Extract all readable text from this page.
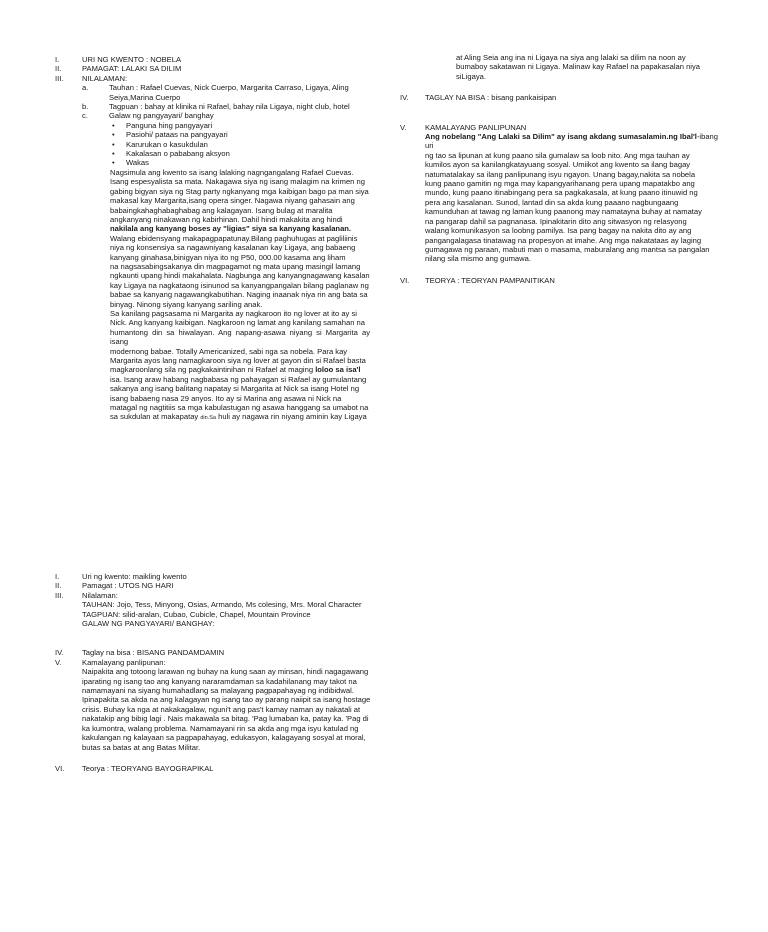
I.	URI NG KWENTO : NOBELA
II.	PAMAGAT: LALAKI SA DILIM
III.	NILALAMAN:
a.	Tauhan : Rafael Cuevas, Nick Cuerpo, Margarita Carraso, Ligaya, Aling
Seiya,Marina Cuerpo
b.	Tagpuan : bahay at klinika ni Rafael, bahay nila Ligaya, night club, hotel
c.	Galaw ng pangyayari/ banghay
•	Panguna hing pangyayari
•	Pasiohi/ pataas na pangyayari
•	Karurukan o kasukdulan
•	Kakalasan o pababang aksyon
•	Wakas
Nagsimula ang kwento sa isang lalaking nagngangalang Rafael Cuevas.
Isang espesyalista sa mata. Nakagawa siya ng isang malagim na krimen ng
gabing bigyan siya ng Stag party ngkanyang mga kaibigan bago pa man siya
makasal kay Margarita,isang opera singer. Nagawa niyang gahasain ang
babaingkahaghabaghabag ang kalagayan. Isang bulag at maralita
angkanyang ninakawan ng kabirhinan. Dahil hindi makakita ang hindi
nakilala ang kanyang boses ay "ligias" siya sa kanyang kasalanan.
Walang ebidensyang makapagpapatunay.Bilang paghuhugas at pagliliinis
niya ng konsensiya sa nagawniyang kasalanan kay Ligaya, ang babaeng
kanyang ginahasa,binigyan niya ito ng P50, 000.00 kasama ang liham
na nagsasabingsakanya din magpagamot ng mata upang masingil lamang
ngkaunti upang hindi makahalata. Nagbunga ang kanyangnagawang kasalan
kay Ligaya na nagkataong isinunod sa kanyangpangalan bilang paglanaw ng
babae sa kanyang nagawangkabutihan. Naging inaanak niya rin ang bata sa
binyag. Ninong siyang kanyang sariling anak.
Sa kanilang pagsasama ni Margarita ay nagkaroon ito ng lover at ito ay si
Nick. Ang kanyang kaibigan. Nagkaroon ng lamat ang kanilang samahan na
humantong din sa hiwalayan. Ang napang-asawa niyang si Margarita ay isang
modernong babae. Totally Americanized, sabi nga sa nobela. Para kay
Margarita ayos lang namagkaroon siya ng lover at gayon din si Rafael basta
magkaroonlang sila ng pagkakaintinihan ni Rafael at maging loloo sa isa'l
isa. Isang araw habang nagbabasa ng pahayagan si Rafael ay gumulantang
sakanya ang isang balitang napatay si Margarita at Nick sa isang Hotel ng
isang babaeng nasa 29 anyos. Ito ay si Marina ang asawa ni Nick na
matagal ng nagtitiis sa mga kabulastugan ng asawa hanggang sa umabot na
sa sukdulan at makapatay din.Sa huli ay nagawa rin niyang aminin kay Ligaya
at Aling Seia ang ina ni Ligaya na siya ang lalaki sa dilim na noon ay
bumaboy sakatawan ni Ligaya. Malinaw kay Rafael na papakasalan niya
siLigaya.
IV.	TAGLAY NA BISA : bisang pankaisipan
V.	KAMALAYANG PANLIPUNAN
Ang nobelang "Ang Lalaki sa Dilim" ay isang akdang sumasalamin.ng Ibal'l-ibang uri
ng tao sa lipunan at kung paano sila gumalaw sa loob nito. Ang mga tauhan ay
kumilos ayon sa kanilangkatayuang sosyal. Umiikot ang kwento sa ilang bagay
natumatalakay sa ilang panlipunang isyu ngayon. Unang bagay,nakita sa nobela
kung paano gamitin ng mga may kapangyarihanang pera upang mapatakbo ang
mundo, kung paano itinabingang pera sa pagkakasala, at kung paano itinuwid ng
pera ang kasalanan. Sunod, lantad din sa akda kung paaano nagbungaang
kamunduhan at tawag ng laman kung paanong may namatayna buhay at namatay
na pangarap dahil sa pagnanasa. Ipinakitarin dito ang sitwasyon ng relasyong
walang komunikasyon sa loobng pamilya. Isa pang bagay na nakita dito ay ang
pangangalagasa tinatawag na propesyon at imahe. Ang mga nakatataas ay laging
gumagawa ng paraan, mabuti man o masama, maburalang ang mantsa sa pangalan
nilang sila mismo ang gumawa.
VI.	TEORYA : TEORYAN PAMPANITIKAN
I.	Uri ng kwento: maikling kwento
II.	Pamagat : UTOS NG HARI
III.	Nilalaman:
TAUHAN: Jojo, Tess, Minyong, Osias, Armando, Ms colesing, Mrs. Moral Character
TAGPUAN: silid-aralan, Cubao, Cubicle, Chapel, Mountain Province
GALAW NG PANGYAYARI/ BANGHAY:
IV.	Taglay na bisa : BISANG PANDAMDAMIN
V.	Kamalayang panlipunan:
Naipakita ang totoong larawan ng buhay na kung saan ay minsan, hindi nagagawang
iparating ng isang tao ang kanyang nararamdaman sa kadahilanang may takot na
namamayani na siyang humahadlang sa malayang pagpapahayag ng indibidwal.
Ipinapakita sa akda na ang kalagayan ng isang tao ay parang naiipit sa isang hostage
crisis. Buhay ka nga at nakakagalaw, nguni't ang pas't kamay naman ay nakatali at
nakatakip ang bibig lagi . Nais makawala sa bitag. 'Pag lumaban ka, patay ka. 'Pag di
ka kumontra, walang problema. Namamayani rin sa akda ang mga isyu katulad ng
kakulangan ng kalayaan sa pagpapahayag, edukasyon, kalagayang sosyal at moral,
butas sa batas at ang Batas Militar.
VI.	Teorya : TEORYANG BAYOGRAPIKAL
